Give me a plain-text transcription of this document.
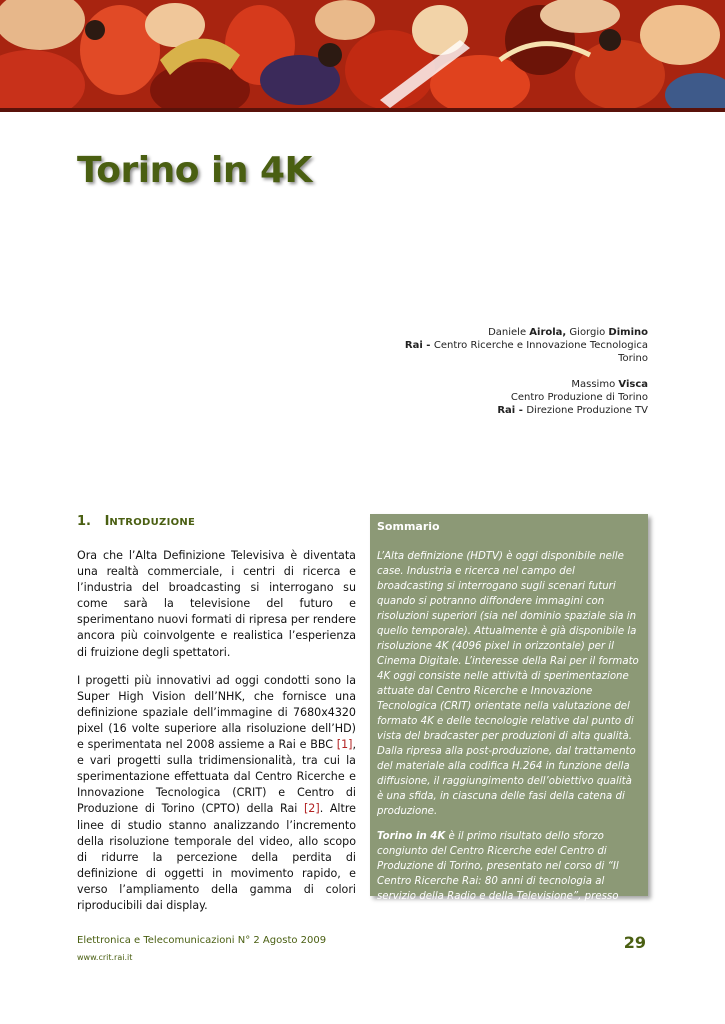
Torino in 4K
Daniele Airola, Giorgio Dimino
Rai - Centro Ricerche e Innovazione Tecnologica
Torino
Massimo Visca
Centro Produzione di Torino
Rai - Direzione Produzione TV
1. INTRODUZIONE

Ora che l’Alta Definizione Televisiva è diventata una realtà commerciale, i centri di ricerca e l’industria del broadcasting si interrogano su come sarà la televisione del futuro e sperimentano nuovi formati di ripresa per rendere ancora più coinvolgente e realistica l’esperienza di fruizione degli spettatori.

I progetti più innovativi ad oggi condotti sono la Super High Vision dell’NHK, che fornisce una definizione spaziale dell’immagine di 7680x4320 pixel (16 volte superiore alla risoluzione dell’HD) e sperimentata nel 2008 assieme a Rai e BBC [1], e vari progetti sulla tridimensionalità, tra cui la sperimentazione effettuata dal Centro Ricerche e Innovazione Tecnologica (CRIT) e Centro di Produzione di Torino (CPTO) della Rai [2]. Altre linee di studio stanno analizzando l’incremento della risoluzione temporale del video, allo scopo di ridurre la percezione della perdita di definizione di oggetti in movimento rapido, e verso l’ampliamento della gamma di colori riproducibili dai display.

Sommario

L’Alta definizione (HDTV) è oggi disponibile nelle case. Industria e ricerca nel campo del broadcasting si interrogano sugli scenari futuri quando si potranno diffondere immagini con risoluzioni superiori (sia nel dominio spaziale sia in quello temporale). Attualmente è già disponibile la risoluzione 4K (4096 pixel in orizzontale) per il Cinema Digitale. L’interesse della Rai per il formato 4K oggi consiste nelle attività di sperimentazione attuate dal Centro Ricerche e Innovazione Tecnologica (CRIT) orientate nella valutazione del formato 4K e delle tecnologie relative dal punto di vista del bradcaster per produzioni di alta qualità. Dalla ripresa alla post-produzione, dal trattamento del materiale alla codifica H.264 in funzione della diffusione, il raggiungimento dell’obiettivo qualità è una sfida, in ciascuna delle fasi della catena di produzione.

Torino in 4K è il primo risultato dello sforzo congiunto del Centro Ricerche edel Centro di Produzione di Torino, presentato nel corso di “Il Centro Ricerche Rai: 80 anni di tecnologia al servizio della Radio e della Televisione”, presso l’Auditorium Rai a Torino dal 20 al 26 settembre 2009, in occasione del Prix Italia.

Elettronica e Telecomunicazioni N° 2 Agosto 2009
www.crit.rai.it
29
